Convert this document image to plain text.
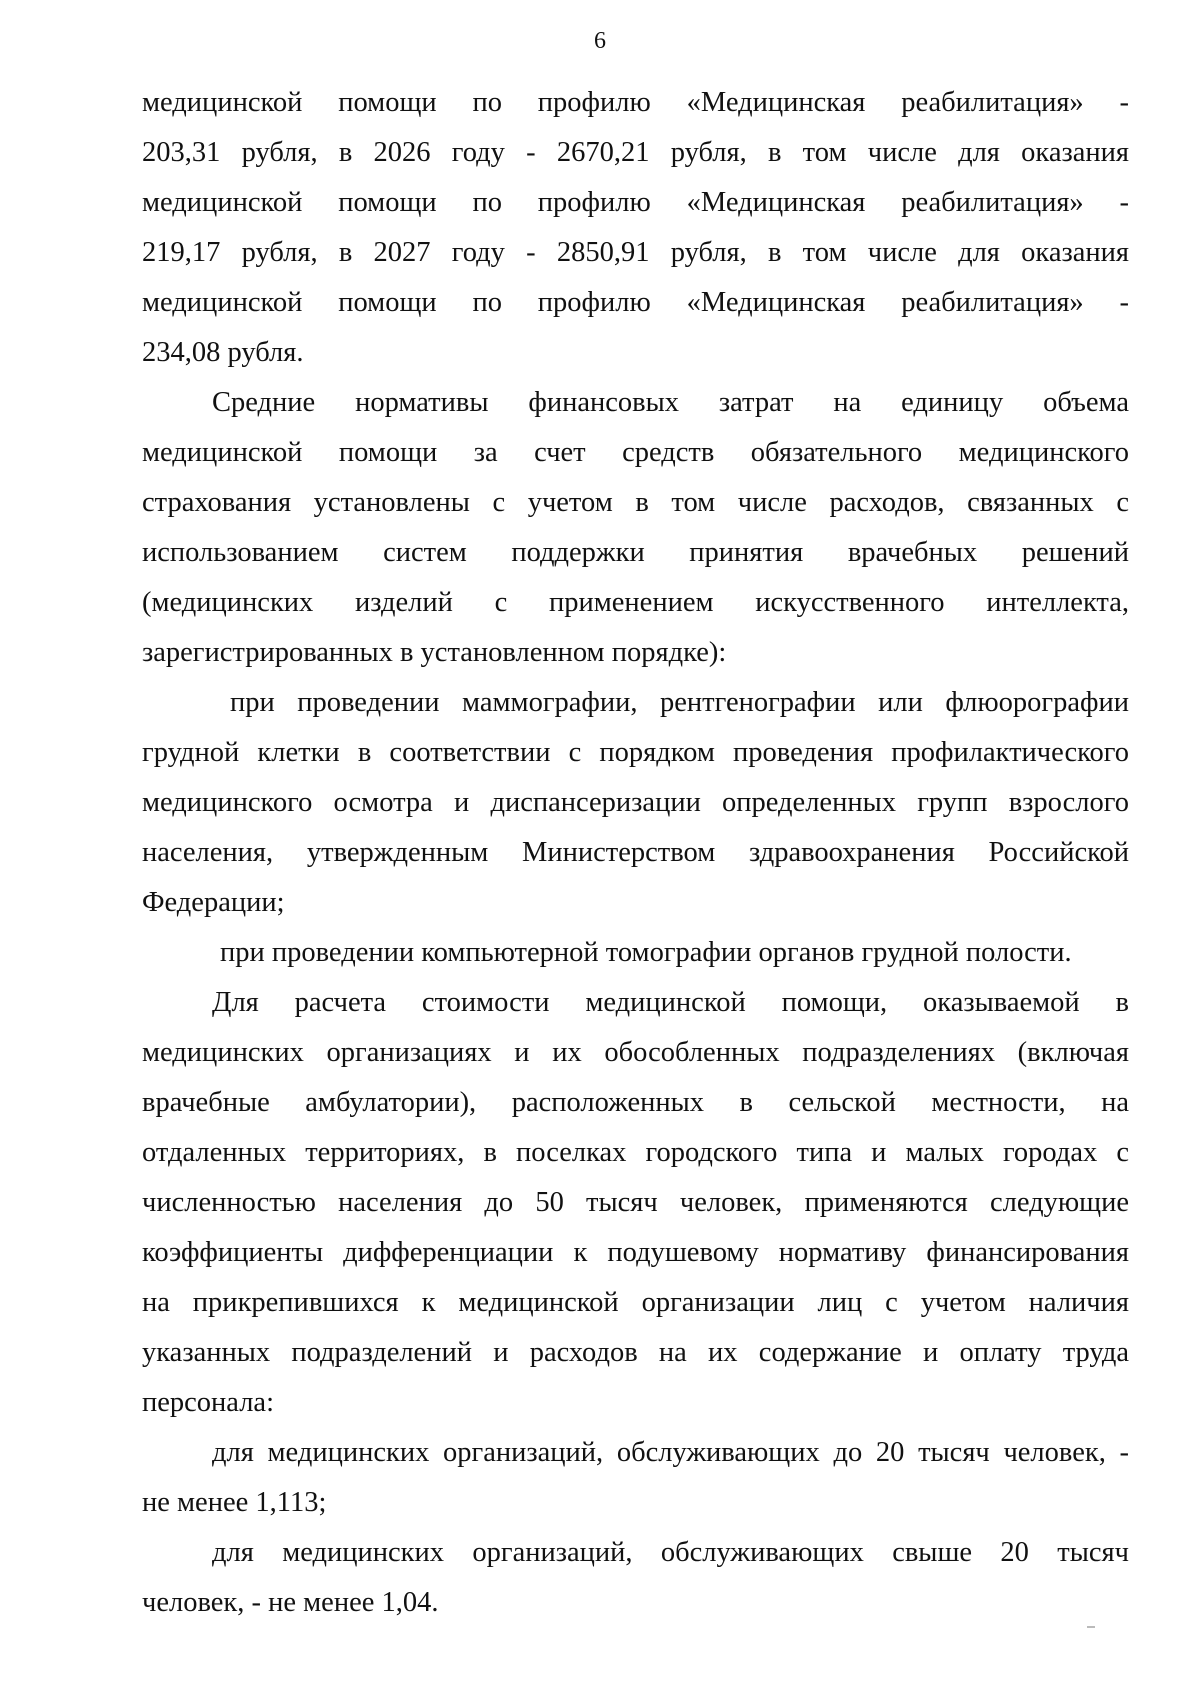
6
медицинской помощи по профилю «Медицинская реабилитация» -
203,31 рубля, в 2026 году - 2670,21 рубля, в том числе для оказания
медицинской помощи по профилю «Медицинская реабилитация» -
219,17 рубля, в 2027 году - 2850,91 рубля, в том числе для оказания
медицинской помощи по профилю «Медицинская реабилитация» -
234,08 рубля.
Средние нормативы финансовых затрат на единицу объема
медицинской помощи за счет средств обязательного медицинского
страхования установлены с учетом в том числе расходов, связанных с
использованием систем поддержки принятия врачебных решений
(медицинских изделий с применением искусственного интеллекта,
зарегистрированных в установленном порядке):
при проведении маммографии, рентгенографии или флюорографии
грудной клетки в соответствии с порядком проведения профилактического
медицинского осмотра и диспансеризации определенных групп взрослого
населения, утвержденным Министерством здравоохранения Российской
Федерации;
при проведении компьютерной томографии органов грудной полости.
Для расчета стоимости медицинской помощи, оказываемой в
медицинских организациях и их обособленных подразделениях (включая
врачебные амбулатории), расположенных в сельской местности, на
отдаленных территориях, в поселках городского типа и малых городах с
численностью населения до 50 тысяч человек, применяются следующие
коэффициенты дифференциации к подушевому нормативу финансирования
на прикрепившихся к медицинской организации лиц с учетом наличия
указанных подразделений и расходов на их содержание и оплату труда
персонала:
для медицинских организаций, обслуживающих до 20 тысяч человек, -
не менее 1,113;
для медицинских организаций, обслуживающих свыше 20 тысяч
человек, - не менее 1,04.
